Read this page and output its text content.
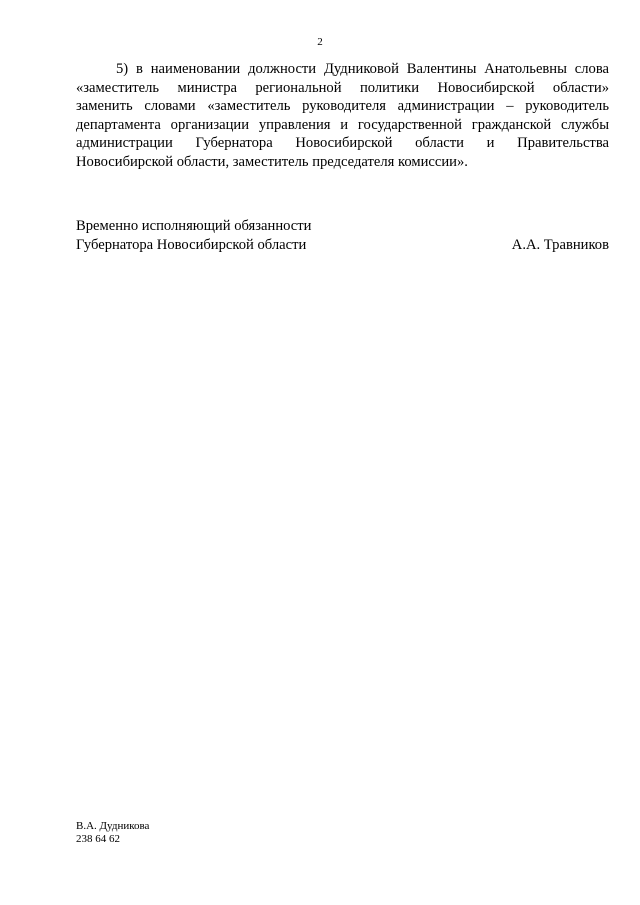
2
5) в наименовании должности Дудниковой Валентины Анатольевны слова
«заместитель министра региональной политики Новосибирской области»
заменить словами «заместитель руководителя администрации – руководитель
департамента организации управления и государственной гражданской службы
администрации Губернатора Новосибирской области и Правительства
Новосибирской области, заместитель председателя комиссии».
Временно исполняющий обязанности
Губернатора Новосибирской области	А.А. Травников
В.А. Дудникова
238 64 62
